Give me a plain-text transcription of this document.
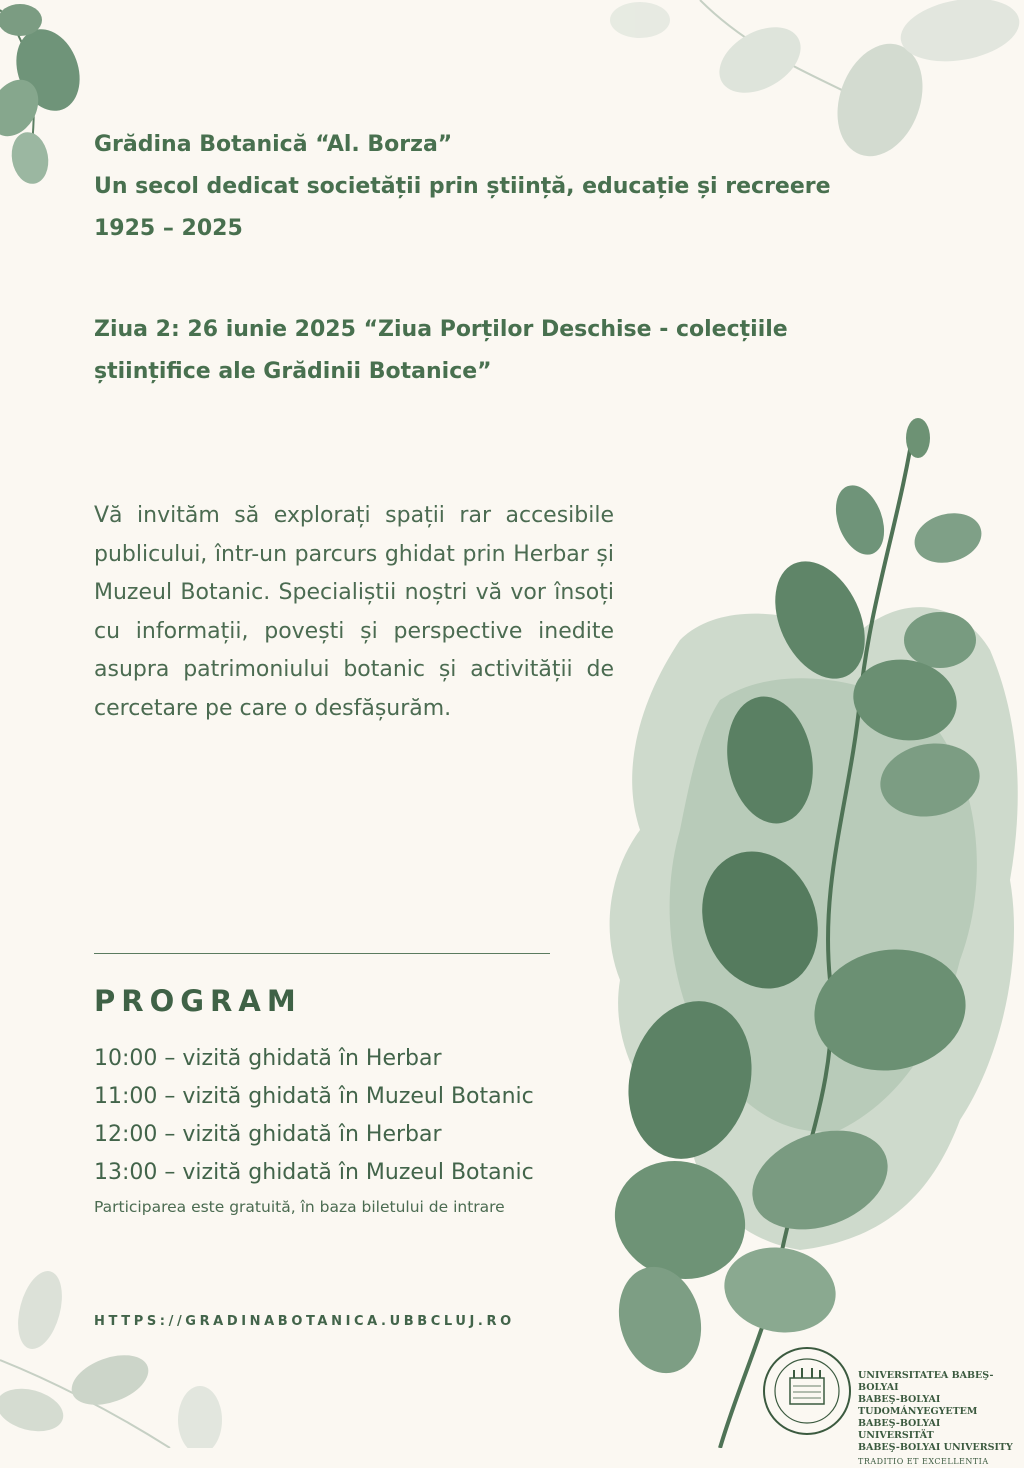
Grădina Botanică “Al. Borza”
Un secol dedicat societății prin știință, educație și recreere
1925 – 2025
Ziua 2: 26 iunie 2025 “Ziua Porților Deschise - colecțiile
științifice ale Grădinii Botanice”
Vă invităm să explorați spații rar accesibile publicului, într-un parcurs ghidat prin Herbar și Muzeul Botanic. Specialiștii noștri vă vor însoți cu informații, povești și perspective inedite asupra patrimoniului botanic și activității de cercetare pe care o desfășurăm.
PROGRAM
10:00 – vizită ghidată în Herbar
11:00 – vizită ghidată în Muzeul Botanic
12:00 – vizită ghidată în Herbar
13:00 – vizită ghidată în Muzeul Botanic
Participarea este gratuită, în baza biletului de intrare
HTTPS://GRADINABOTANICA.UBBCLUJ.RO
UNIVERSITATEA BABEŞ-BOLYAI
BABEŞ-BOLYAI TUDOMÁNYEGYETEM
BABEŞ-BOLYAI UNIVERSITÄT
BABEŞ-BOLYAI UNIVERSITY
TRADITIO ET EXCELLENTIA
